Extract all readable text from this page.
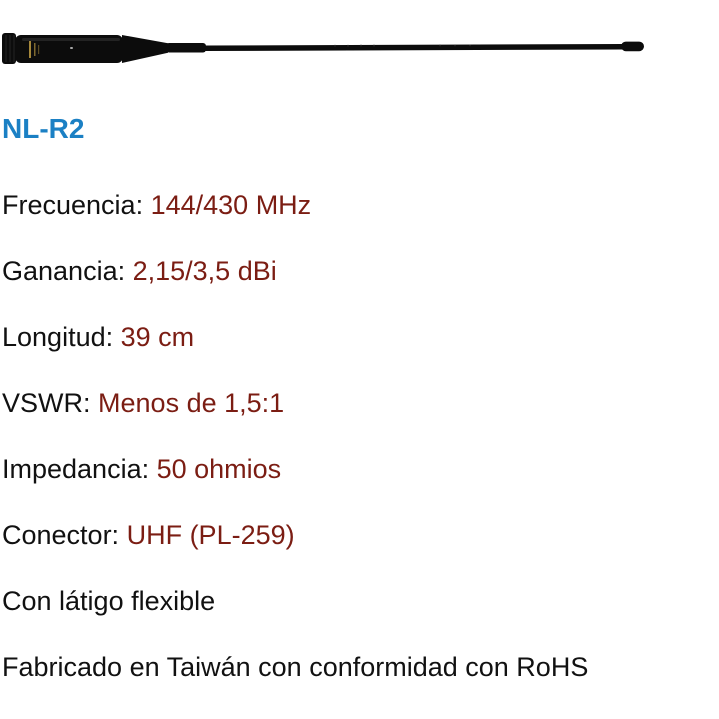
NL-R2

Frecuencia: 144/430 MHz

Ganancia: 2,15/3,5 dBi

Longitud: 39 cm

VSWR: Menos de 1,5:1

Impedancia: 50 ohmios

Conector: UHF (PL-259)

Con látigo flexible

Fabricado en Taiwán con conformidad con RoHS
